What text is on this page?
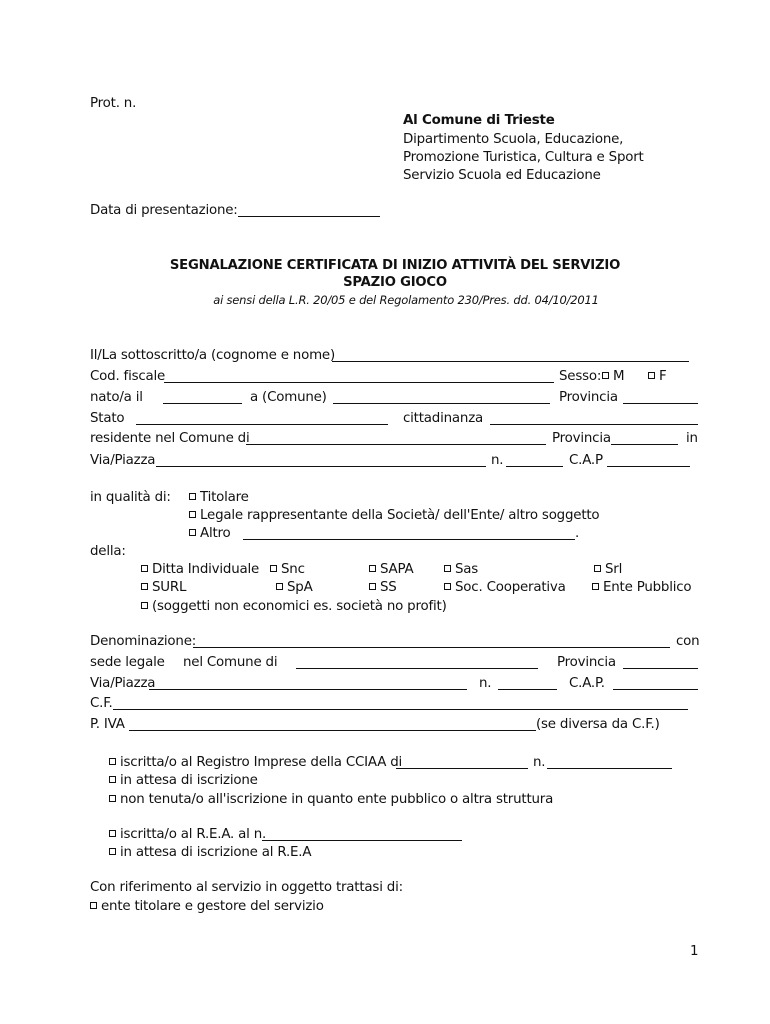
Prot. n.
Al Comune di Trieste
Dipartimento Scuola, Educazione,
Promozione Turistica, Cultura e Sport
Servizio Scuola ed Educazione
Data di presentazione:
SEGNALAZIONE CERTIFICATA DI INIZIO ATTIVITÀ DEL SERVIZIO
SPAZIO GIOCO
ai sensi della L.R. 20/05 e del Regolamento 230/Pres. dd. 04/10/2011
Il/La sottoscritto/a (cognome e nome)
Cod. fiscale	Sesso: M	F
nato/a il	a (Comune)	Provincia
Stato	cittadinanza
residente nel Comune di	Provincia	in
Via/Piazza	n.	C.A.P
in qualità di:	Titolare
Legale rappresentante della Società/ dell'Ente/ altro soggetto
Altro	.
della:
Ditta Individuale	Snc	SAPA	Sas	Srl
SURL	SpA	SS	Soc. Cooperativa	Ente Pubblico
(soggetti non economici es. società no profit)
Denominazione:	con
sede legale nel Comune di	Provincia
Via/Piazza	n.	C.A.P.
C.F.
P. IVA	(se diversa da C.F.)
iscritta/o al Registro Imprese della CCIAA di	n.
in attesa di iscrizione
non tenuta/o all'iscrizione in quanto ente pubblico o altra struttura
iscritta/o al R.E.A. al n.
in attesa di iscrizione al R.E.A
Con riferimento al servizio in oggetto trattasi di:
ente titolare e gestore del servizio
1
